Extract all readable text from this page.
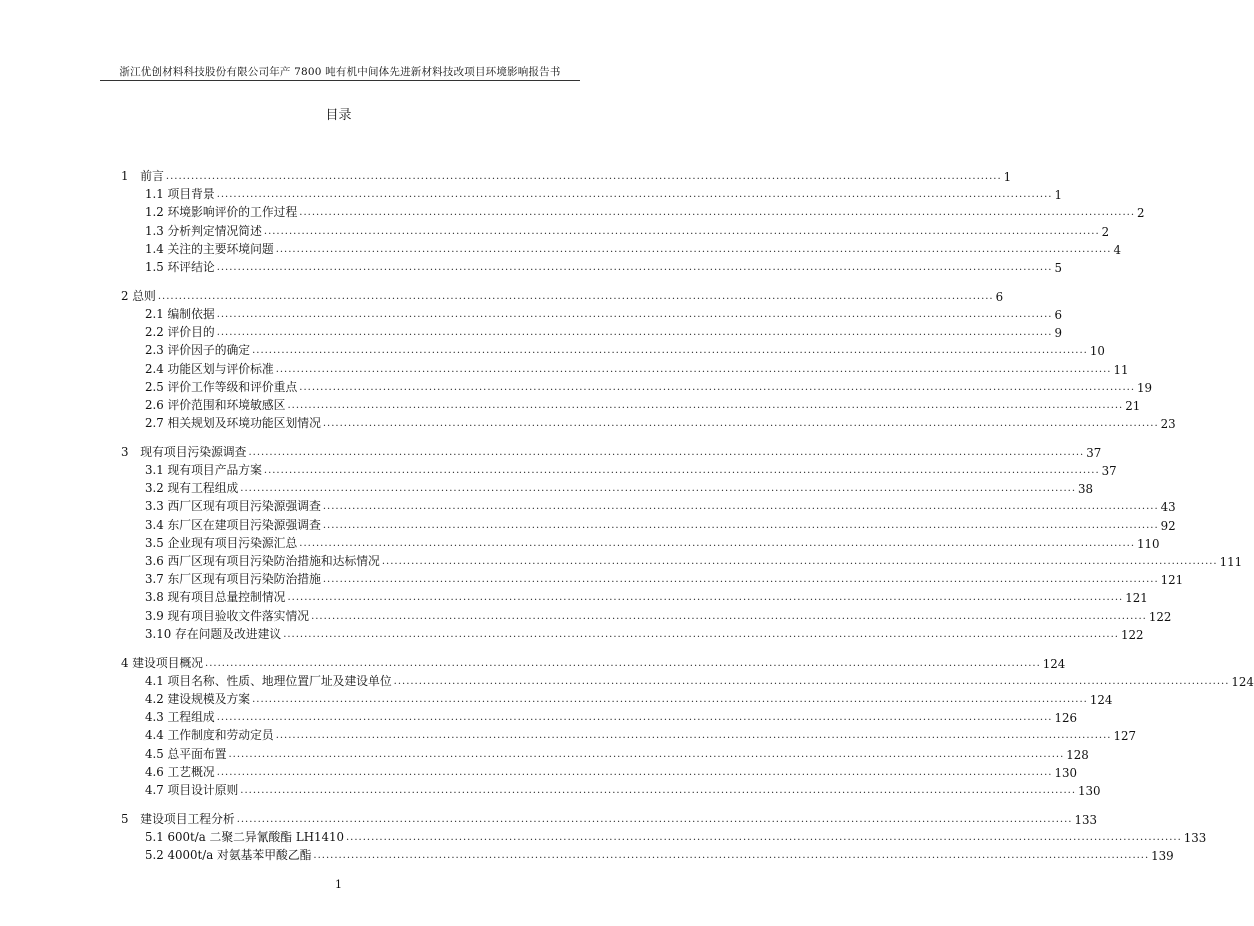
浙江优创材料科技股份有限公司年产 7800 吨有机中间体先进新材料技改项目环境影响报告书
目录
1　前言 ........................................................................................................................................................................................................ 1
1.1 项目背景 ........................................................................................................................................................................................................ 1
1.2 环境影响评价的工作过程 ........................................................................................................................................................................................................ 2
1.3 分析判定情况简述 ........................................................................................................................................................................................................ 2
1.4 关注的主要环境问题 ........................................................................................................................................................................................................ 4
1.5 环评结论 ........................................................................................................................................................................................................ 5
2 总则 ........................................................................................................................................................................................................ 6
2.1 编制依据 ........................................................................................................................................................................................................ 6
2.2 评价目的 ........................................................................................................................................................................................................ 9
2.3 评价因子的确定 ........................................................................................................................................................................................................ 10
2.4 功能区划与评价标准 ........................................................................................................................................................................................................ 11
2.5 评价工作等级和评价重点 ........................................................................................................................................................................................................ 19
2.6 评价范围和环境敏感区 ........................................................................................................................................................................................................ 21
2.7 相关规划及环境功能区划情况 ........................................................................................................................................................................................................ 23
3　现有项目污染源调查 ........................................................................................................................................................................................................ 37
3.1 现有项目产品方案 ........................................................................................................................................................................................................ 37
3.2 现有工程组成 ........................................................................................................................................................................................................ 38
3.3 西厂区现有项目污染源强调查 ........................................................................................................................................................................................................ 43
3.4 东厂区在建项目污染源强调查 ........................................................................................................................................................................................................ 92
3.5 企业现有项目污染源汇总 ........................................................................................................................................................................................................ 110
3.6 西厂区现有项目污染防治措施和达标情况 ........................................................................................................................................................................................................ 111
3.7 东厂区现有项目污染防治措施 ........................................................................................................................................................................................................ 121
3.8 现有项目总量控制情况 ........................................................................................................................................................................................................ 121
3.9 现有项目验收文件落实情况 ........................................................................................................................................................................................................ 122
3.10 存在问题及改进建议 ........................................................................................................................................................................................................ 122
4 建设项目概况 ........................................................................................................................................................................................................ 124
4.1 项目名称、性质、地理位置厂址及建设单位 ........................................................................................................................................................................................................ 124
4.2 建设规模及方案 ........................................................................................................................................................................................................ 124
4.3 工程组成 ........................................................................................................................................................................................................ 126
4.4 工作制度和劳动定员 ........................................................................................................................................................................................................ 127
4.5 总平面布置 ........................................................................................................................................................................................................ 128
4.6 工艺概况 ........................................................................................................................................................................................................ 130
4.7 项目设计原则 ........................................................................................................................................................................................................ 130
5　建设项目工程分析 ........................................................................................................................................................................................................ 133
5.1 600t/a 二聚二异氰酸酯 LH1410 ........................................................................................................................................................................................................ 133
5.2 4000t/a 对氨基苯甲酸乙酯 ........................................................................................................................................................................................................ 139
1
